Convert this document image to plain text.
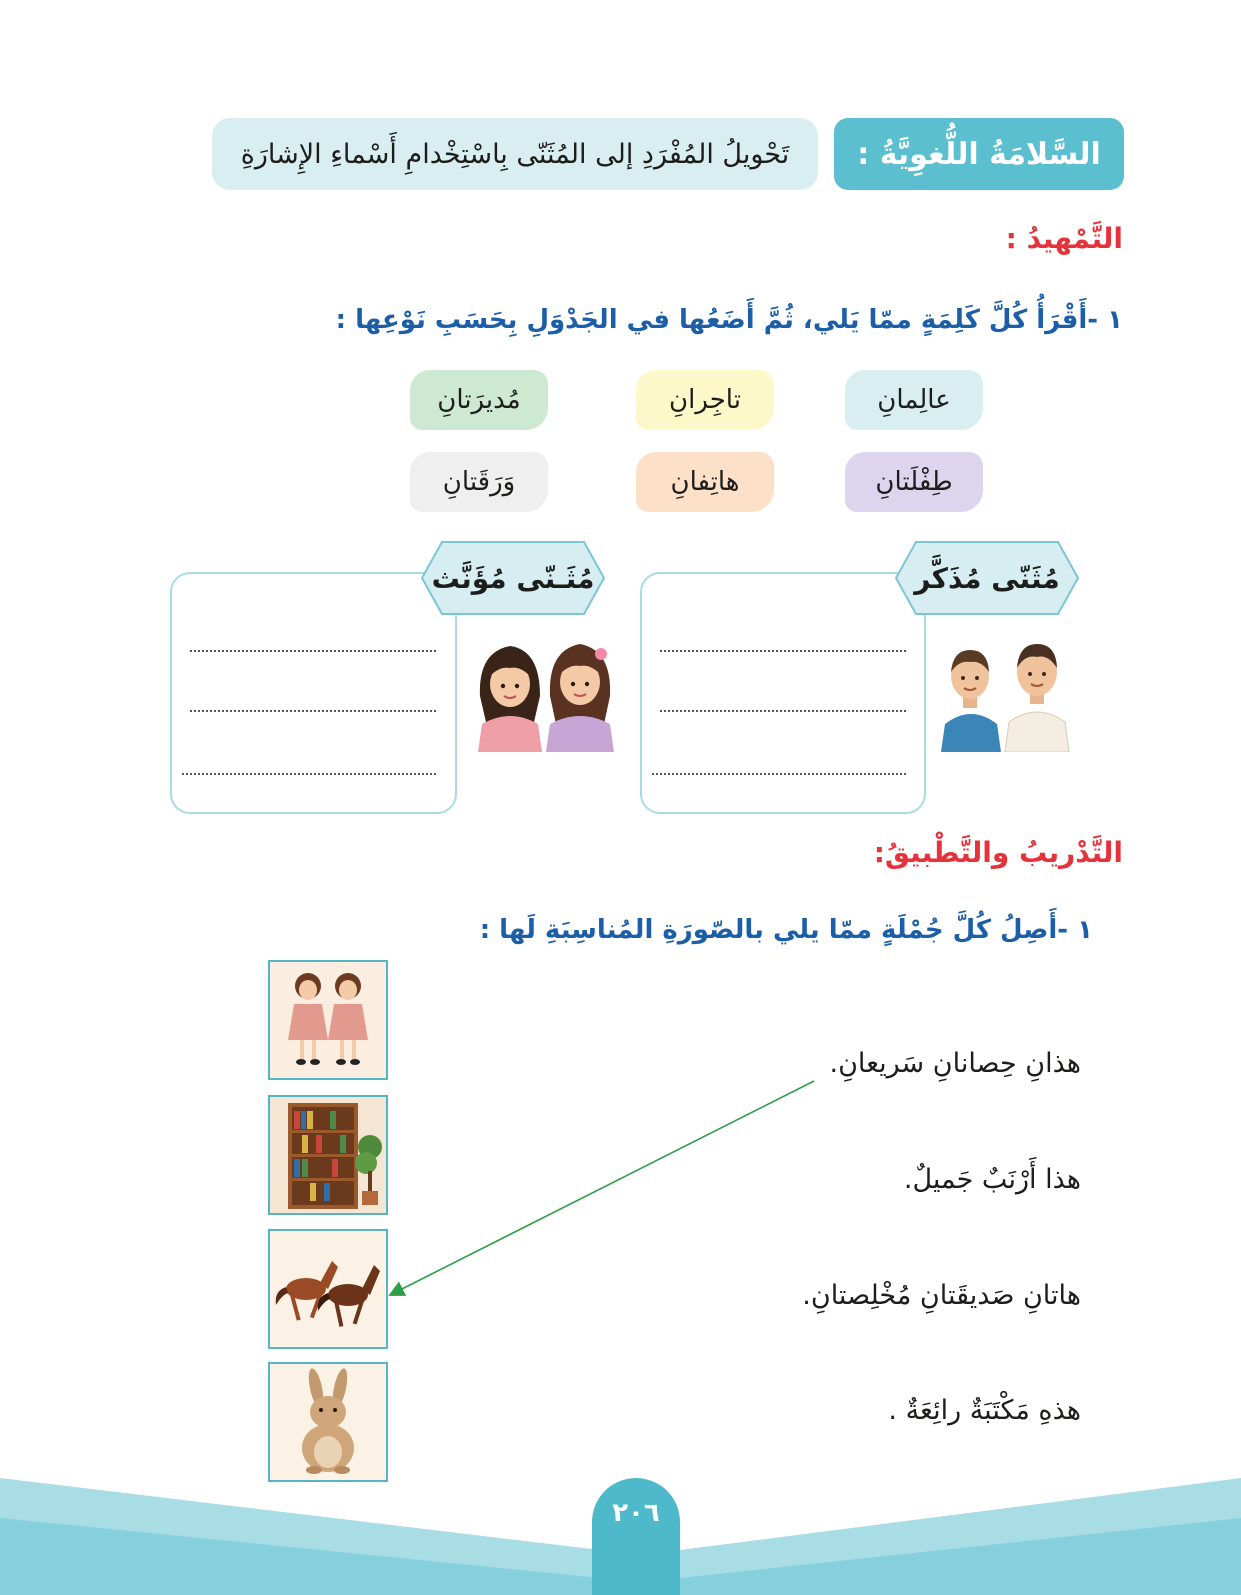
السَّلامَةُ اللُّغوِيَّةُ :
تَحْويلُ المُفْرَدِ إلى المُثَنّى بِاسْتِخْدامِ أَسْماءِ الإِشارَةِ
التَّمْهيدُ :
١ -أَقْرَأُ كُلَّ كَلِمَةٍ ممّا يَلي، ثُمَّ أَضَعُها في الجَدْوَلِ بِحَسَبِ نَوْعِها :
عالِمانِ
تاجِرانِ
مُديرَتانِ
طِفْلَتانِ
هاتِفانِ
وَرَقَتانِ
مُثَنّى مُذَكَّر
مُثَـنّى مُؤَنَّث
التَّدْريبُ والتَّطْبيقُ:
١ -أَصِلُ كُلَّ جُمْلَةٍ ممّا يلي بالصّورَةِ المُناسِبَةِ لَها :
هذانِ حِصانانِ سَريعانِ.
هذا أَرْنَبٌ جَميلٌ.
هاتانِ صَديقَتانِ مُخْلِصتانِ.
هذهِ مَكْتَبَةٌ رائِعَةٌ .
٢٠٦
